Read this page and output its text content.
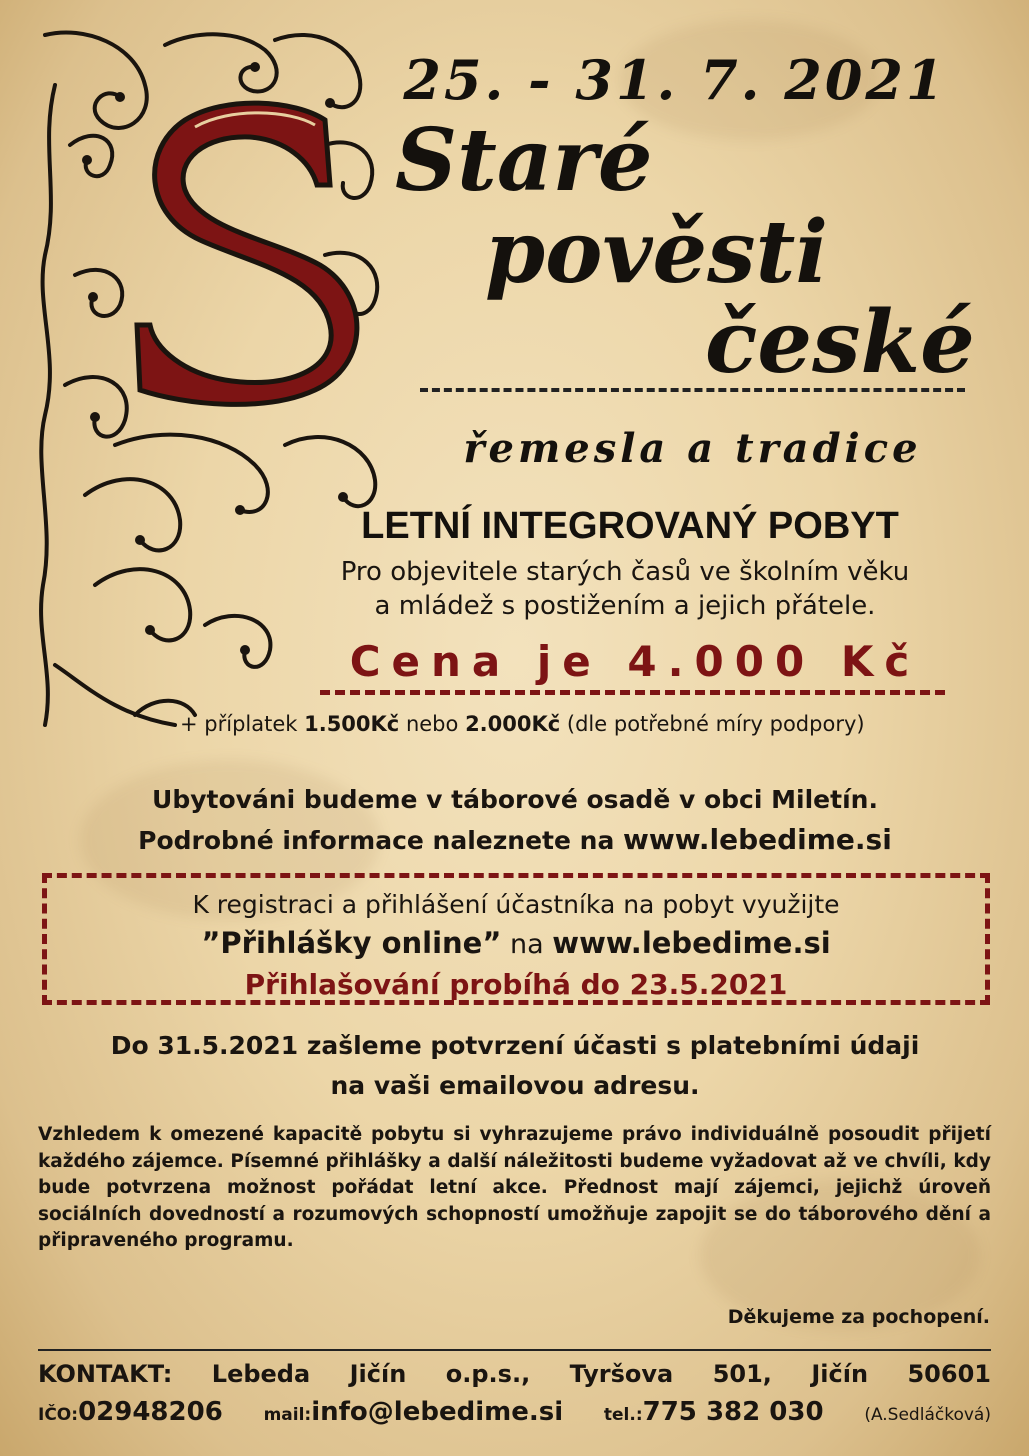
25. - 31. 7. 2021
Staré
pověsti
české
řemesla a tradice
LETNÍ INTEGROVANÝ POBYT
Pro objevitele starých časů ve školním věku
a mládež s postižením a jejich přátele.
Cena je 4.000 Kč
+ příplatek 1.500Kč nebo 2.000Kč (dle potřebné míry podpory)
Ubytováni budeme v táborové osadě v obci Miletín.
Podrobné informace naleznete na www.lebedime.si
K registraci a přihlášení účastníka na pobyt využijte
”Přihlášky online” na www.lebedime.si
Přihlašování probíhá do 23.5.2021
Do 31.5.2021 zašleme potvrzení účasti s platebními údaji
na vaši emailovou adresu.
Vzhledem k omezené kapacitě pobytu si vyhrazujeme právo individuálně posoudit přijetí každého zájemce. Písemné přihlášky a další náležitosti budeme vyžadovat až ve chvíli, kdy bude potvrzena možnost pořádat letní akce. Přednost mají zájemci, jejichž úroveň sociálních dovedností a rozumových schopností umožňuje zapojit se do táborového dění a připraveného programu.
Děkujeme za pochopení.
KONTAKT: Lebeda Jičín o.p.s., Tyršova 501, Jičín 50601
IČO:02948206 mail:info@lebedime.si tel.:775 382 030 (A.Sedláčková)
